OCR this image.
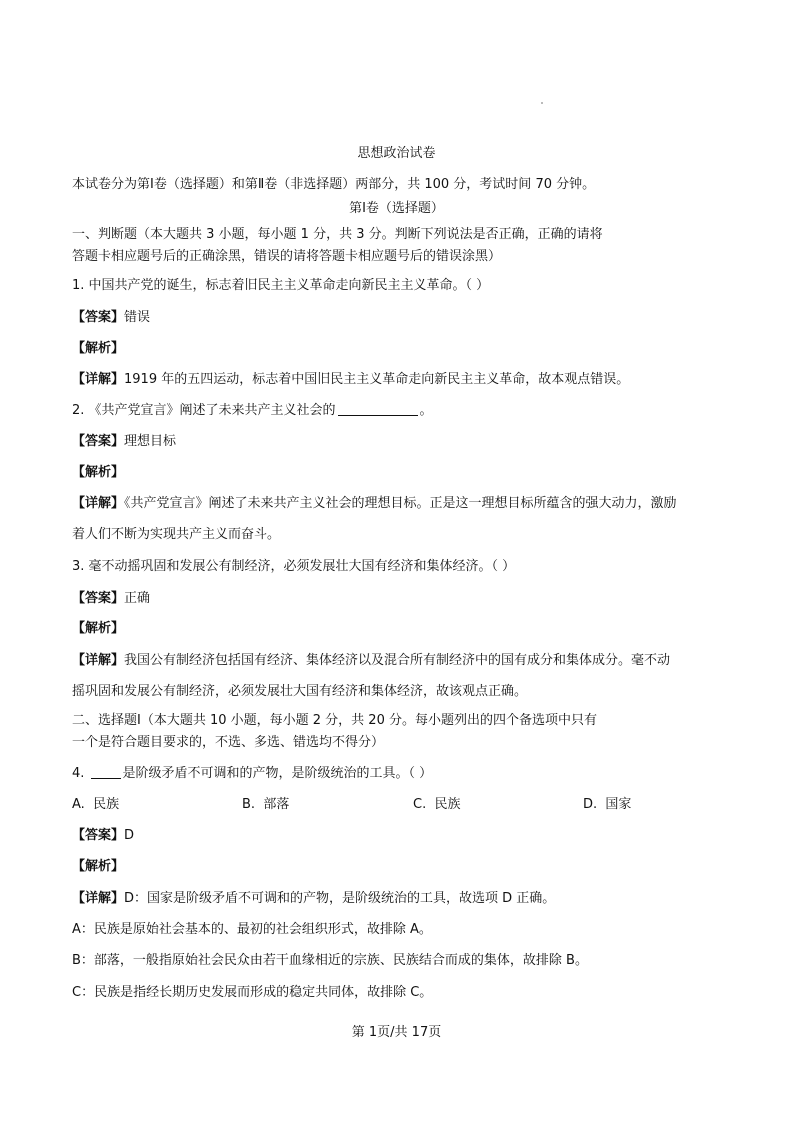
思想政治试卷
本试卷分为第Ⅰ卷（选择题）和第Ⅱ卷（非选择题）两部分，共 100 分，考试时间 70 分钟。
第Ⅰ卷（选择题）
一、判断题（本大题共 3 小题，每小题 1 分，共 3 分。判断下列说法是否正确，正确的请将
答题卡相应题号后的正确涂黑，错误的请将答题卡相应题号后的错误涂黑）
1. 中国共产党的诞生，标志着旧民主主义革命走向新民主主义革命。（ ）
【答案】错误
【解析】
【详解】1919 年的五四运动，标志着中国旧民主主义革命走向新民主主义革命，故本观点错误。
2. 《共产党宣言》阐述了未来共产主义社会的	。
【答案】理想目标
【解析】
【详解】《共产党宣言》阐述了未来共产主义社会的理想目标。正是这一理想目标所蕴含的强大动力，激励
着人们不断为实现共产主义而奋斗。
3. 毫不动摇巩固和发展公有制经济，必须发展壮大国有经济和集体经济。（ ）
【答案】正确
【解析】
【详解】我国公有制经济包括国有经济、集体经济以及混合所有制经济中的国有成分和集体成分。毫不动
摇巩固和发展公有制经济，必须发展壮大国有经济和集体经济，故该观点正确。
二、选择题Ⅰ（本大题共 10 小题，每小题 2 分，共 20 分。每小题列出的四个备选项中只有
一个是符合题目要求的，不选、多选、错选均不得分）
4.	是阶级矛盾不可调和的产物，是阶级统治的工具。（ ）
A. 民族	B. 部落	C. 民族	D. 国家
【答案】D
【解析】
【详解】D：国家是阶级矛盾不可调和的产物，是阶级统治的工具，故选项 D 正确。
A：民族是原始社会基本的、最初的社会组织形式，故排除 A。
B：部落，一般指原始社会民众由若干血缘相近的宗族、民族结合而成的集体，故排除 B。
C：民族是指经长期历史发展而形成的稳定共同体，故排除 C。
第 1页/共 17页
